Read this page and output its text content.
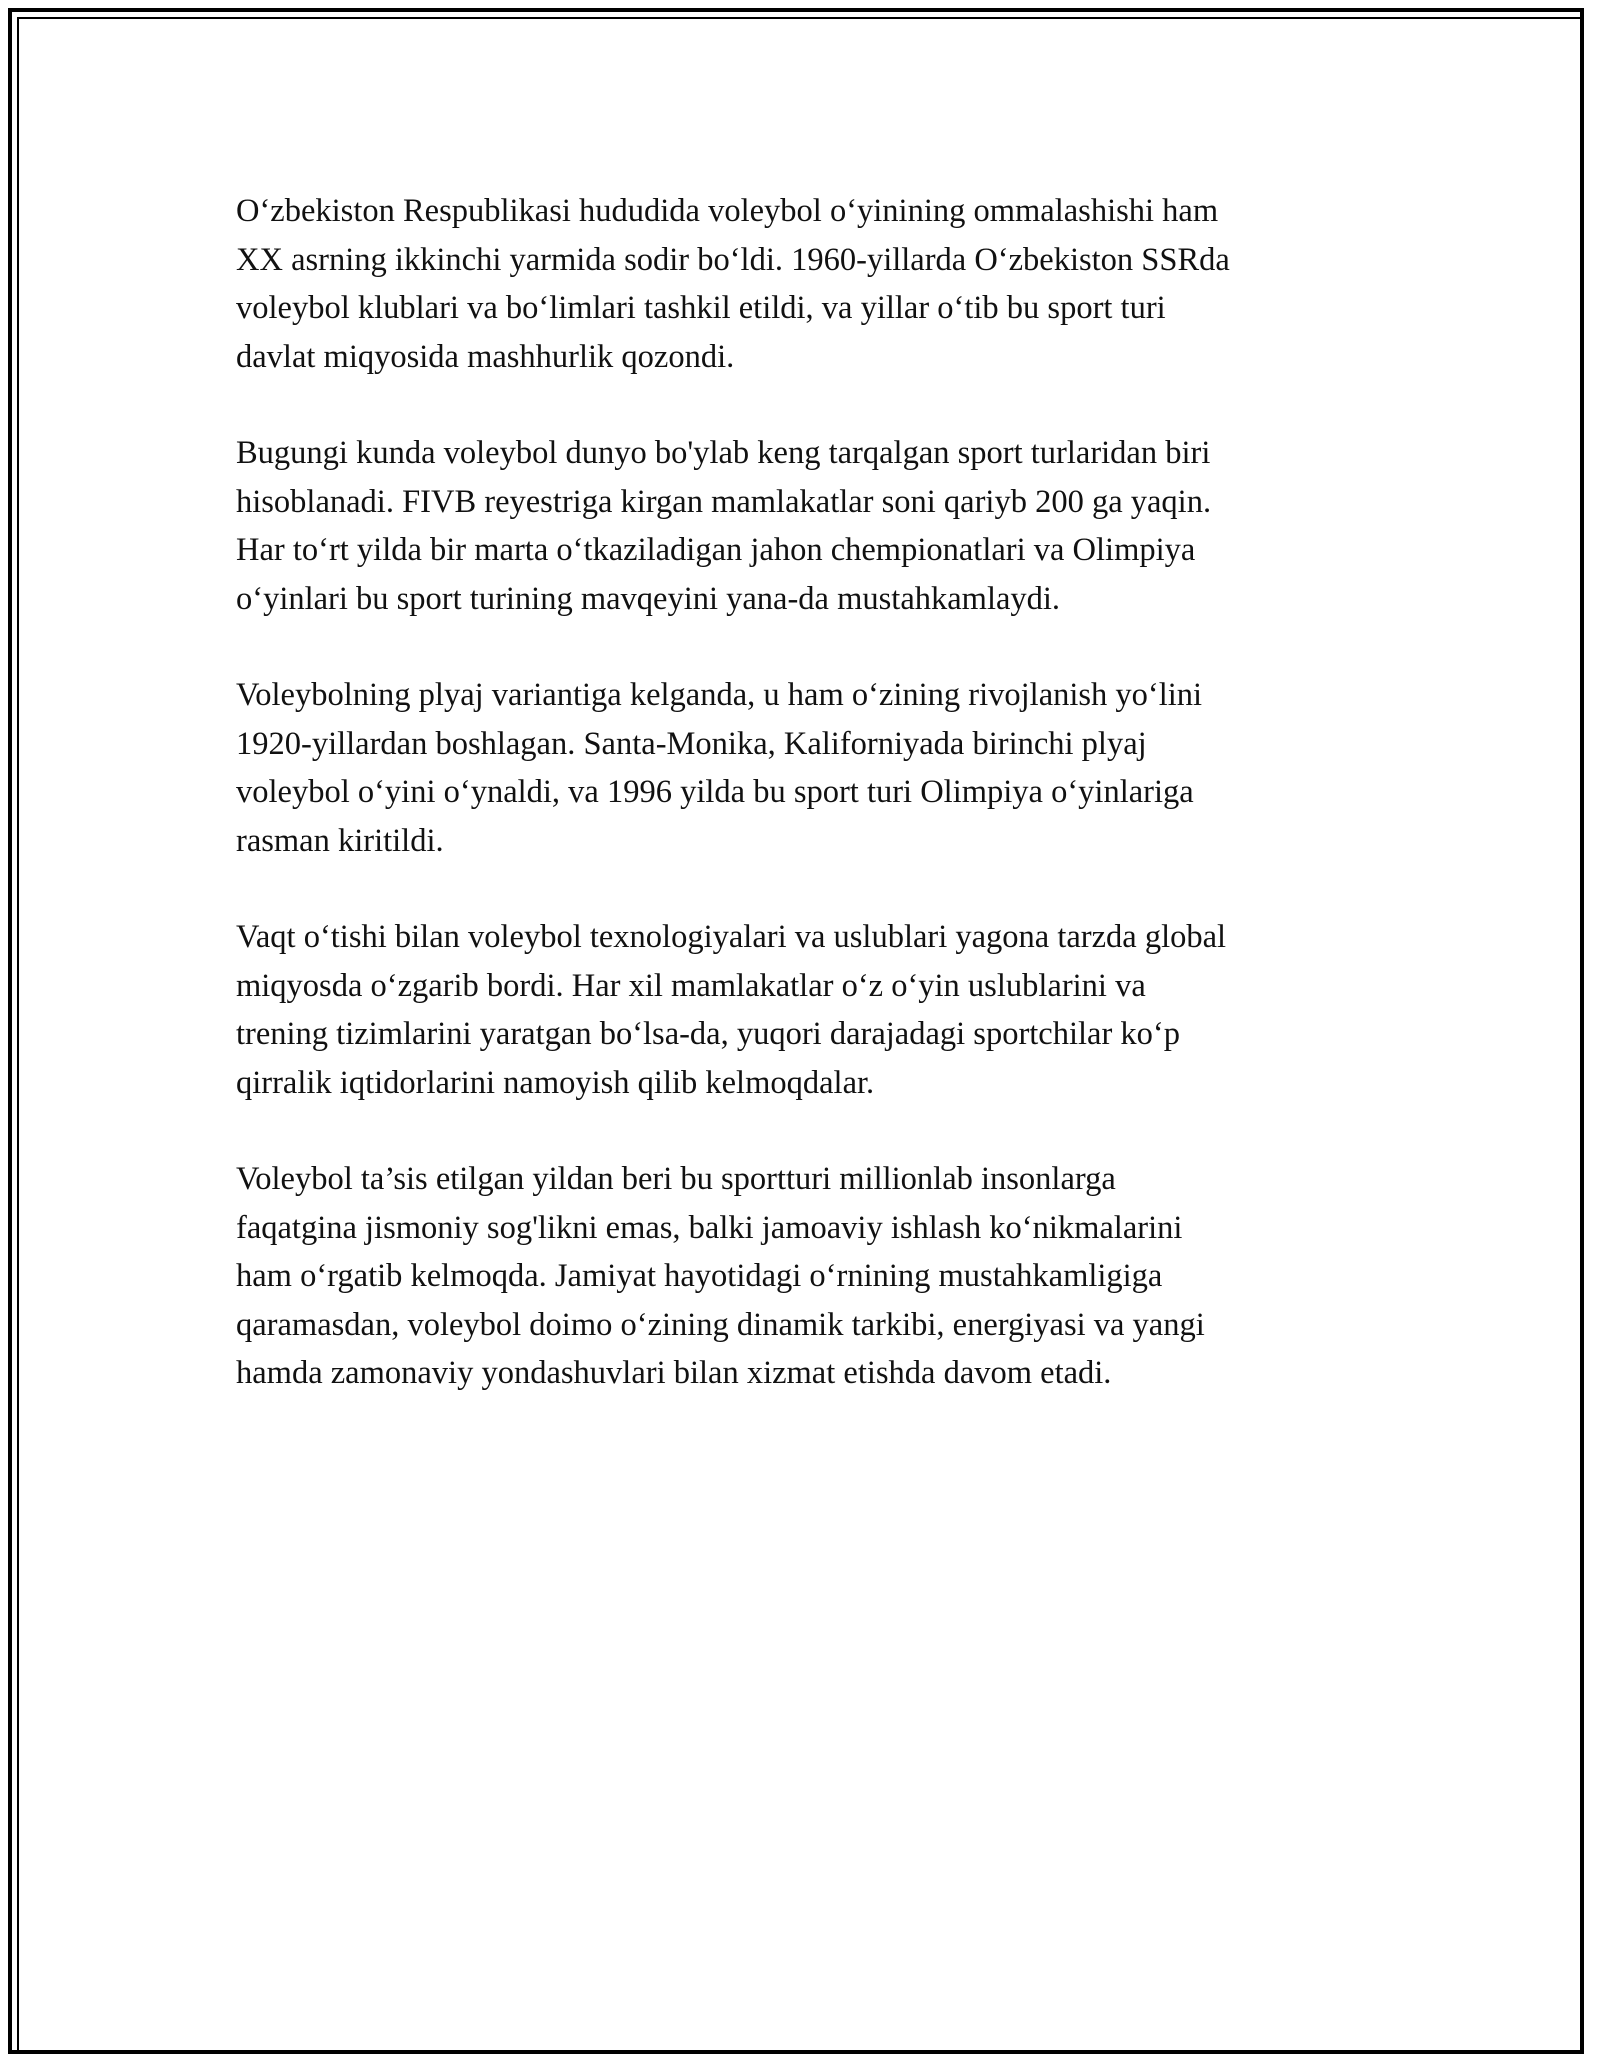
O‘zbekiston Respublikasi hududida voleybol o‘yinining ommalashishi ham
XX asrning ikkinchi yarmida sodir bo‘ldi. 1960-yillarda O‘zbekiston SSRda
voleybol klublari va bo‘limlari tashkil etildi, va yillar o‘tib bu sport turi
davlat miqyosida mashhurlik qozondi.

Bugungi kunda voleybol dunyo bo'ylab keng tarqalgan sport turlaridan biri
hisoblanadi. FIVB reyestriga kirgan mamlakatlar soni qariyb 200 ga yaqin.
Har to‘rt yilda bir marta o‘tkaziladigan jahon chempionatlari va Olimpiya
o‘yinlari bu sport turining mavqeyini yana-da mustahkamlaydi.

Voleybolning plyaj variantiga kelganda, u ham o‘zining rivojlanish yo‘lini
1920-yillardan boshlagan. Santa-Monika, Kaliforniyada birinchi plyaj
voleybol o‘yini o‘ynaldi, va 1996 yilda bu sport turi Olimpiya o‘yinlariga
rasman kiritildi.

Vaqt o‘tishi bilan voleybol texnologiyalari va uslublari yagona tarzda global
miqyosda o‘zgarib bordi. Har xil mamlakatlar o‘z o‘yin uslublarini va
trening tizimlarini yaratgan bo‘lsa-da, yuqori darajadagi sportchilar ko‘p
qirralik iqtidorlarini namoyish qilib kelmoqdalar.

Voleybol ta’sis etilgan yildan beri bu sportturi millionlab insonlarga
faqatgina jismoniy sog'likni emas, balki jamoaviy ishlash ko‘nikmalarini
ham o‘rgatib kelmoqda. Jamiyat hayotidagi o‘rnining mustahkamligiga
qaramasdan, voleybol doimo o‘zining dinamik tarkibi, energiyasi va yangi
hamda zamonaviy yondashuvlari bilan xizmat etishda davom etadi.
